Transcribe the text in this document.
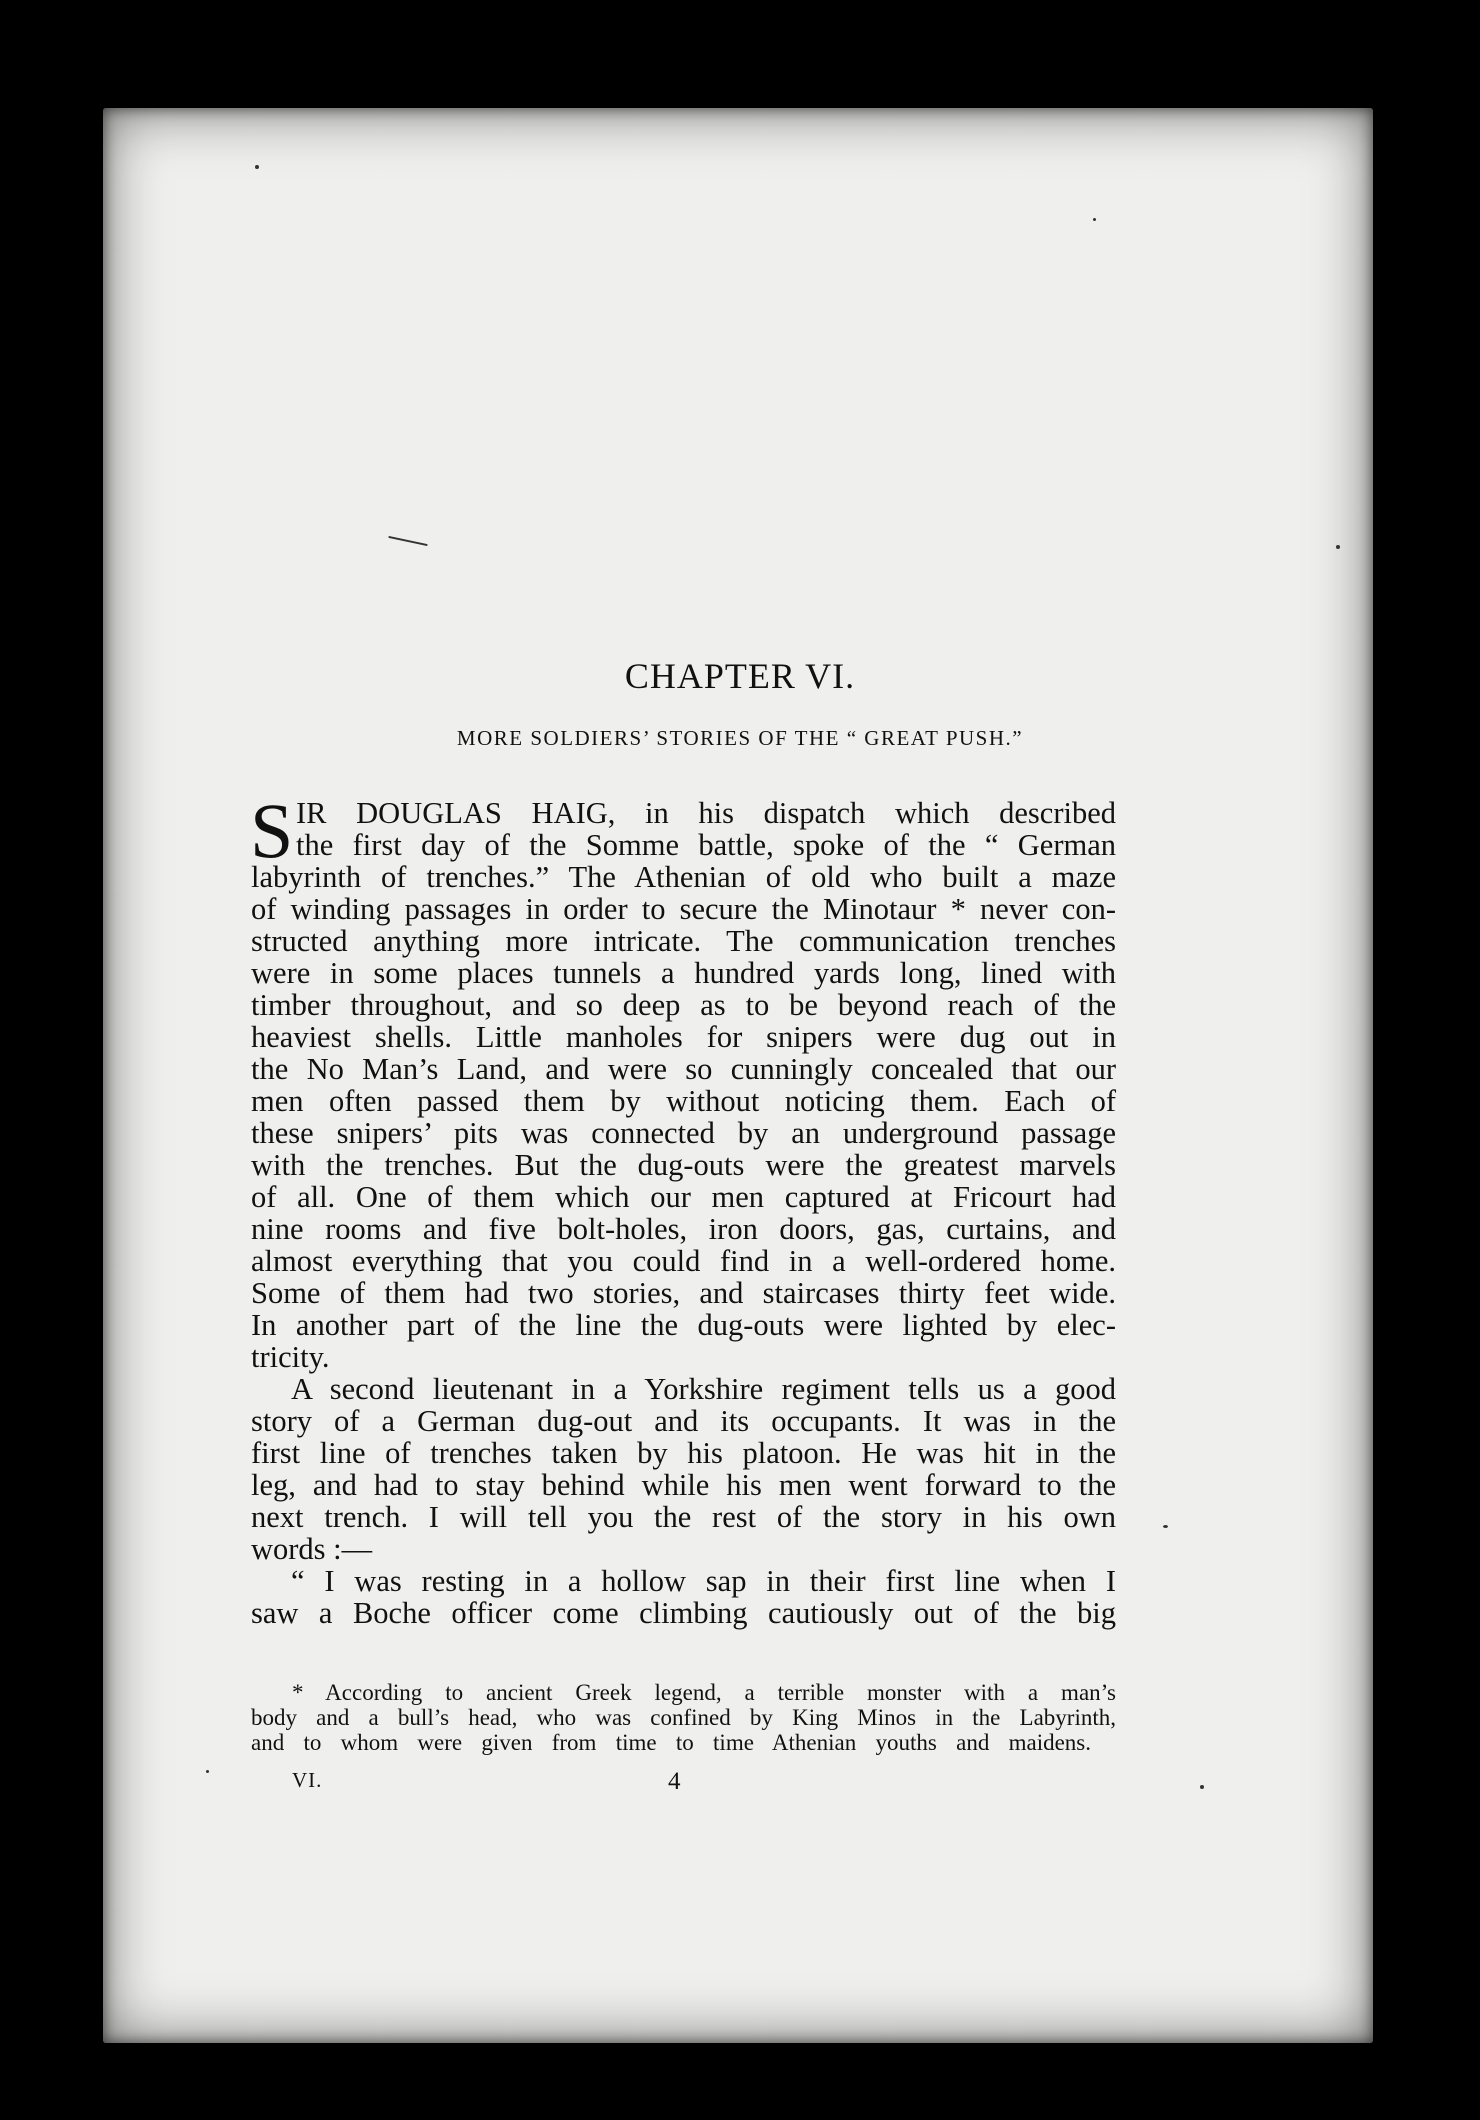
CHAPTER VI.
MORE SOLDIERS’ STORIES OF THE “ GREAT PUSH.”
S IR DOUGLAS HAIG, in his dispatch which described
the first day of the Somme battle, spoke of the “ German
labyrinth of trenches.” The Athenian of old who built a maze
of winding passages in order to secure the Minotaur * never con-
structed anything more intricate. The communication trenches
were in some places tunnels a hundred yards long, lined with
timber throughout, and so deep as to be beyond reach of the
heaviest shells. Little manholes for snipers were dug out in
the No Man’s Land, and were so cunningly concealed that our
men often passed them by without noticing them. Each of
these snipers’ pits was connected by an underground passage
with the trenches. But the dug-outs were the greatest marvels
of all. One of them which our men captured at Fricourt had
nine rooms and five bolt-holes, iron doors, gas, curtains, and
almost everything that you could find in a well-ordered home.
Some of them had two stories, and staircases thirty feet wide.
In another part of the line the dug-outs were lighted by elec-
tricity.
A second lieutenant in a Yorkshire regiment tells us a good
story of a German dug-out and its occupants. It was in the
first line of trenches taken by his platoon. He was hit in the
leg, and had to stay behind while his men went forward to the
next trench. I will tell you the rest of the story in his own
words :—
“ I was resting in a hollow sap in their first line when I
saw a Boche officer come climbing cautiously out of the big
* According to ancient Greek legend, a terrible monster with a man’s
body and a bull’s head, who was confined by King Minos in the Labyrinth,
and to whom were given from time to time Athenian youths and maidens.
VI.	4
